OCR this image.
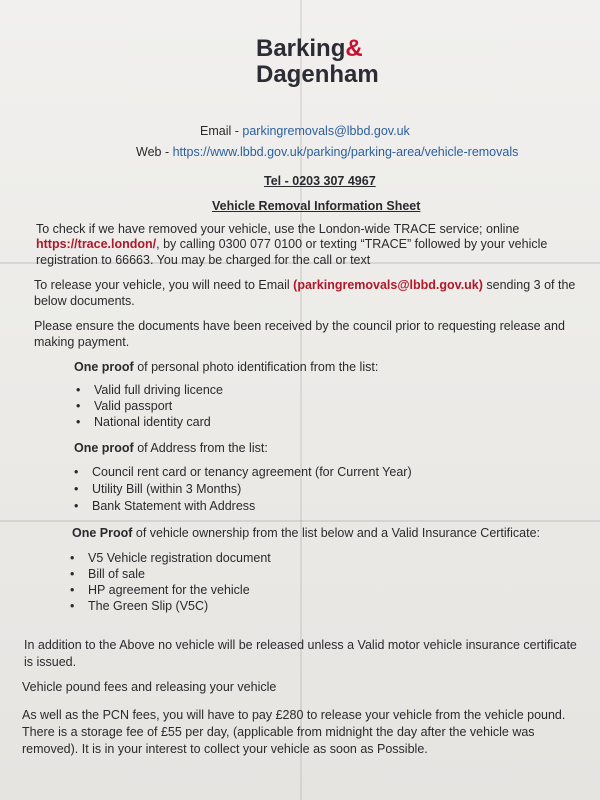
Barking&
Dagenham
Email - parkingremovals@lbbd.gov.uk
Web - https://www.lbbd.gov.uk/parking/parking-area/vehicle-removals
Tel - 0203 307 4967
Vehicle Removal Information Sheet
To check if we have removed your vehicle, use the London-wide TRACE service; online
https://trace.london/, by calling 0300 077 0100 or texting “TRACE” followed by your vehicle
registration to 66663. You may be charged for the call or text
To release your vehicle, you will need to Email (parkingremovals@lbbd.gov.uk) sending 3 of the
below documents.
Please ensure the documents have been received by the council prior to requesting release and
making payment.
One proof of personal photo identification from the list:
• Valid full driving licence
• Valid passport
• National identity card
One proof of Address from the list:
• Council rent card or tenancy agreement (for Current Year)
• Utility Bill (within 3 Months)
• Bank Statement with Address
One Proof of vehicle ownership from the list below and a Valid Insurance Certificate:
• V5 Vehicle registration document
• Bill of sale
• HP agreement for the vehicle
• The Green Slip (V5C)
In addition to the Above no vehicle will be released unless a Valid motor vehicle insurance certificate
is issued.
Vehicle pound fees and releasing your vehicle
As well as the PCN fees, you will have to pay £280 to release your vehicle from the vehicle pound.
There is a storage fee of £55 per day, (applicable from midnight the day after the vehicle was
removed). It is in your interest to collect your vehicle as soon as Possible.
